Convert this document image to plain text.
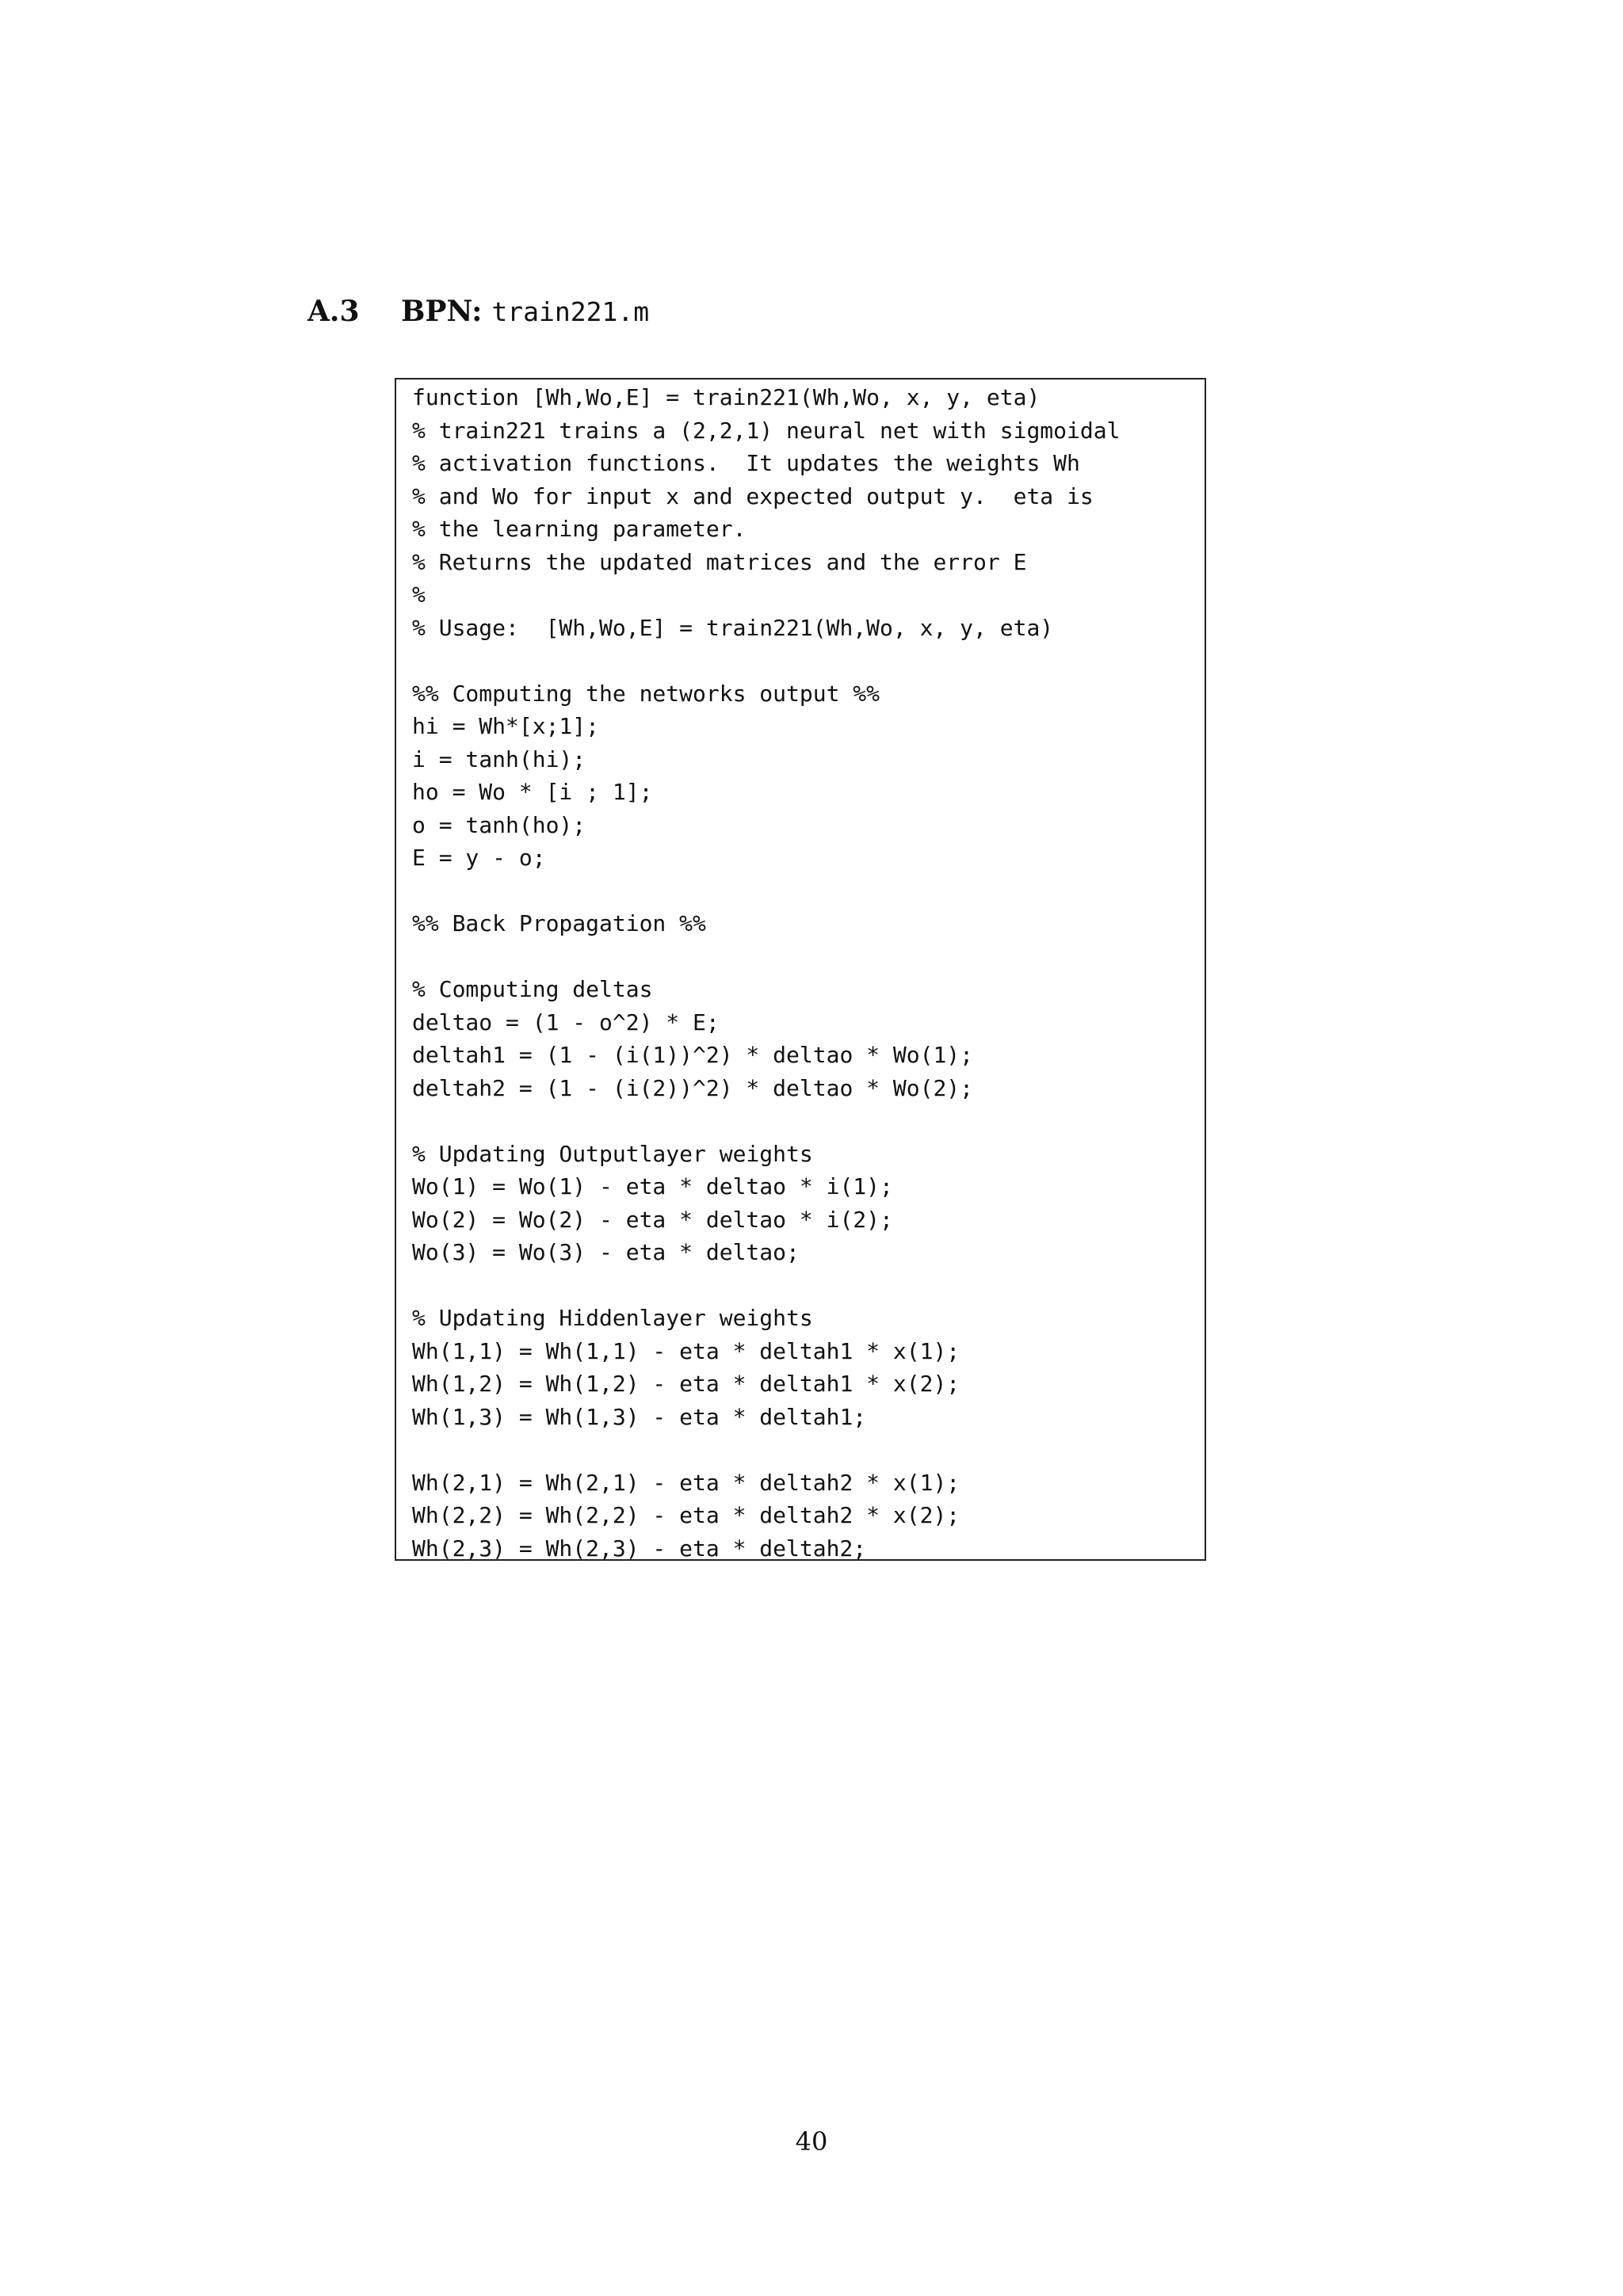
A.3	BPN: train221.m
function [Wh,Wo,E] = train221(Wh,Wo, x, y, eta)
% train221 trains a (2,2,1) neural net with sigmoidal
% activation functions.  It updates the weights Wh
% and Wo for input x and expected output y.  eta is
% the learning parameter.
% Returns the updated matrices and the error E
%
% Usage:  [Wh,Wo,E] = train221(Wh,Wo, x, y, eta)
%% Computing the networks output %%
hi = Wh*[x;1];
i = tanh(hi);
ho = Wo * [i ; 1];
o = tanh(ho);
E = y - o;
%% Back Propagation %%
% Computing deltas
deltao = (1 - o^2) * E;
deltah1 = (1 - (i(1))^2) * deltao * Wo(1);
deltah2 = (1 - (i(2))^2) * deltao * Wo(2);
% Updating Outputlayer weights
Wo(1) = Wo(1) - eta * deltao * i(1);
Wo(2) = Wo(2) - eta * deltao * i(2);
Wo(3) = Wo(3) - eta * deltao;
% Updating Hiddenlayer weights
Wh(1,1) = Wh(1,1) - eta * deltah1 * x(1);
Wh(1,2) = Wh(1,2) - eta * deltah1 * x(2);
Wh(1,3) = Wh(1,3) - eta * deltah1;
Wh(2,1) = Wh(2,1) - eta * deltah2 * x(1);
Wh(2,2) = Wh(2,2) - eta * deltah2 * x(2);
Wh(2,3) = Wh(2,3) - eta * deltah2;
40
